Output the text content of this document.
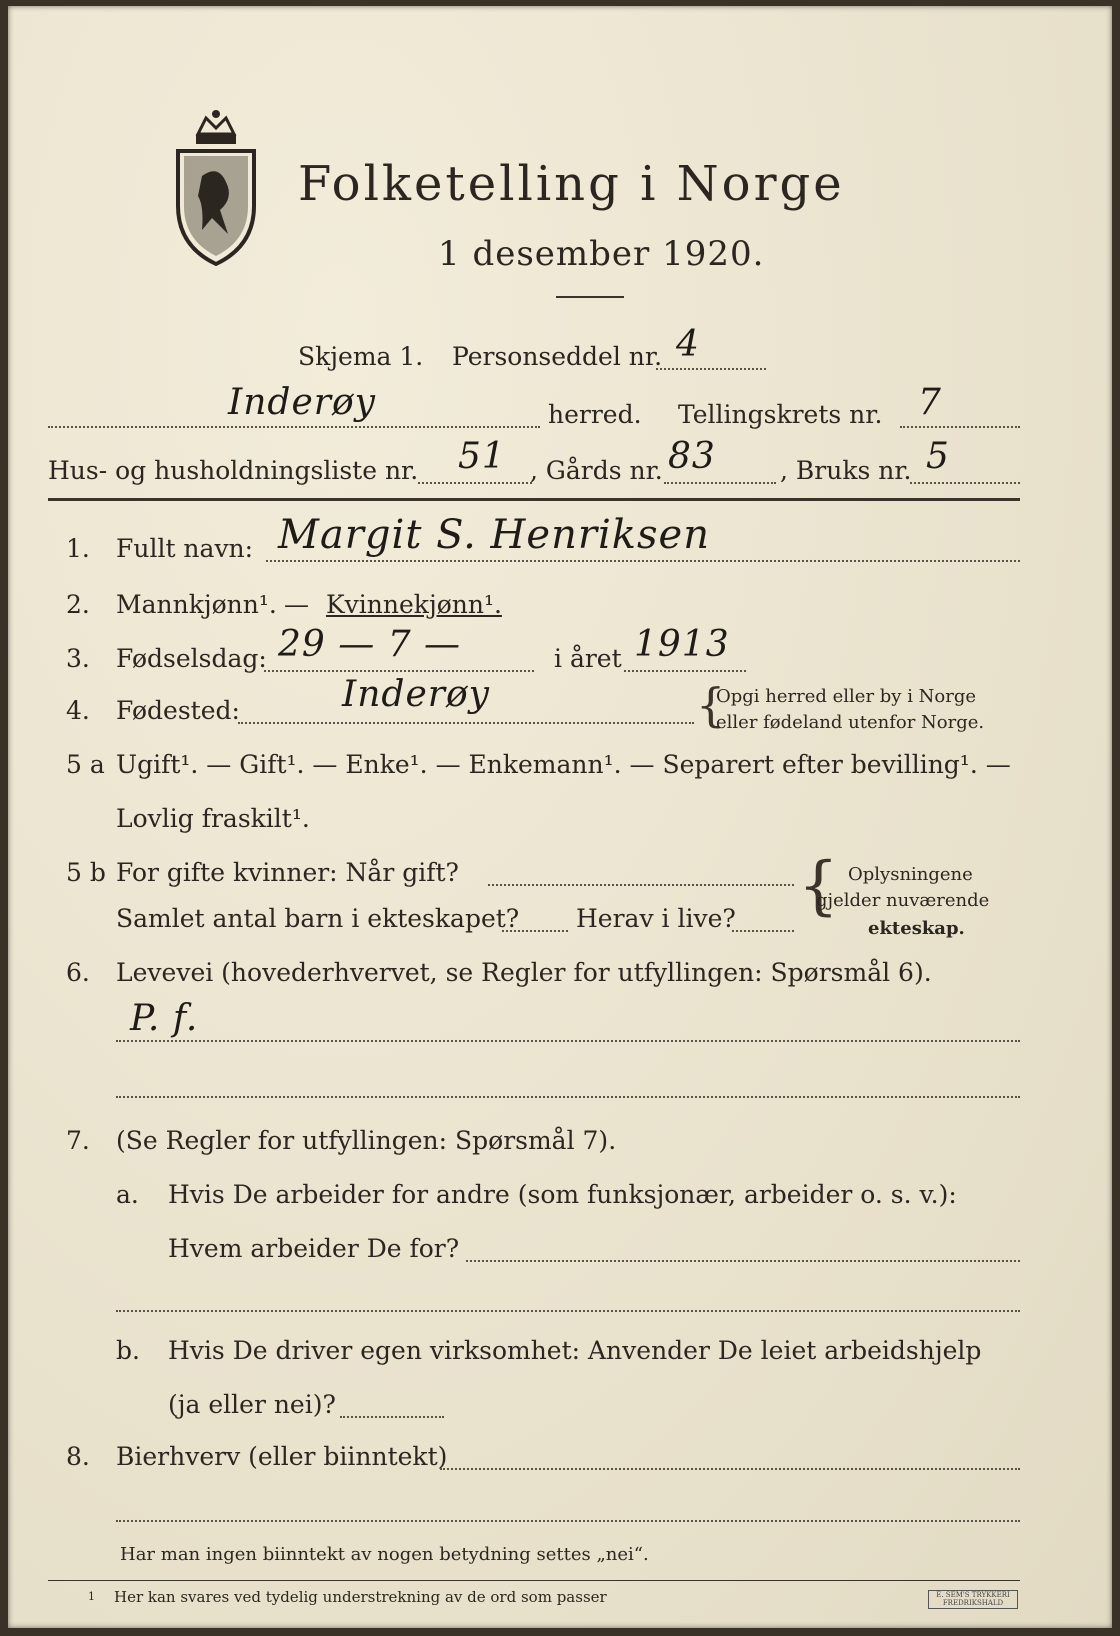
Folketelling i Norge
1 desember 1920.
Skjema 1. Personseddel nr. 4
Inderøy	herred. Tellingskrets nr. 7
Hus- og husholdningsliste nr. 51 , Gårds nr. 83	, Bruks nr. 5
1. Fullt navn: Margit S. Henriksen
2. Mannkjønn¹. — Kvinnekjønn¹.
3. Fødselsdag: 29 — 7 —	i året 1913
4. Fødested:	Inderøy	{
Opgi herred eller by i Norge
eller fødeland utenfor Norge.
5 a Ugift¹. — Gift¹. — Enke¹. — Enkemann¹. — Separert efter bevilling¹. —
Lovlig fraskilt¹.
5 b For gifte kvinner: Når gift?
Samlet antal barn i ekteskapet? Herav i live? { Oplysningene
gjelder nuværende
ekteskap.
6. Levevei (hovederhvervet, se Regler for utfyllingen: Spørsmål 6).
P. f.
7. (Se Regler for utfyllingen: Spørsmål 7).
a. Hvis De arbeider for andre (som funksjonær, arbeider o. s. v.):
Hvem arbeider De for?
b. Hvis De driver egen virksomhet: Anvender De leiet arbeidshjelp
(ja eller nei)?
8. Bierhverv (eller biinntekt)
Har man ingen biinntekt av nogen betydning settes „nei“.
1 Her kan svares ved tydelig understrekning av de ord som passer	E. SEM'S TRYKKERI FREDRIKSHALD
